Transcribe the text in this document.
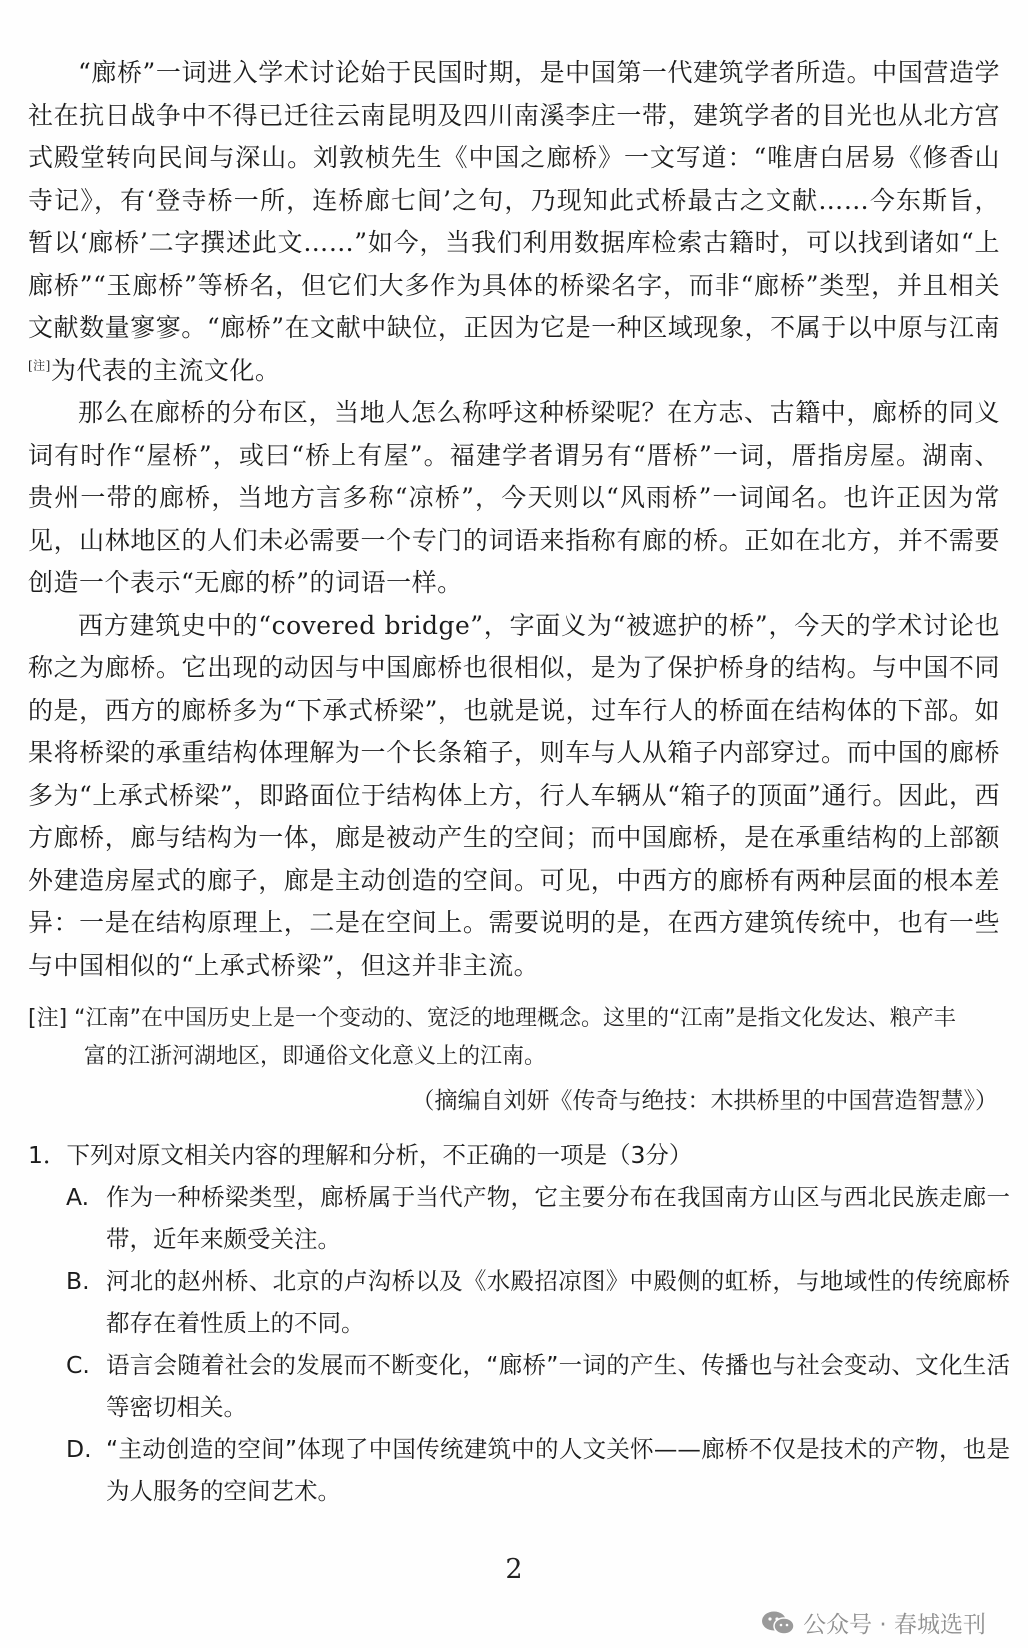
“廊桥”一词进入学术讨论始于民国时期，是中国第一代建筑学者所造。中国营造学社在抗日战争中不得已迁往云南昆明及四川南溪李庄一带，建筑学者的目光也从北方宫式殿堂转向民间与深山。刘敦桢先生《中国之廊桥》一文写道：“唯唐白居易《修香山寺记》，有‘登寺桥一所，连桥廊七间’之句，乃现知此式桥最古之文献……今东斯旨，暂以‘廊桥’二字撰述此文……”如今，当我们利用数据库检索古籍时，可以找到诸如“上廊桥”“玉廊桥”等桥名，但它们大多作为具体的桥梁名字，而非“廊桥”类型，并且相关文献数量寥寥。“廊桥”在文献中缺位，正因为它是一种区域现象，不属于以中原与江南[注]为代表的主流文化。

那么在廊桥的分布区，当地人怎么称呼这种桥梁呢？在方志、古籍中，廊桥的同义词有时作“屋桥”，或曰“桥上有屋”。福建学者谓另有“厝桥”一词，厝指房屋。湖南、贵州一带的廊桥，当地方言多称“凉桥”，今天则以“风雨桥”一词闻名。也许正因为常见，山林地区的人们未必需要一个专门的词语来指称有廊的桥。正如在北方，并不需要创造一个表示“无廊的桥”的词语一样。

西方建筑史中的“covered bridge”，字面义为“被遮护的桥”，今天的学术讨论也称之为廊桥。它出现的动因与中国廊桥也很相似，是为了保护桥身的结构。与中国不同的是，西方的廊桥多为“下承式桥梁”，也就是说，过车行人的桥面在结构体的下部。如果将桥梁的承重结构体理解为一个长条箱子，则车与人从箱子内部穿过。而中国的廊桥多为“上承式桥梁”，即路面位于结构体上方，行人车辆从“箱子的顶面”通行。因此，西方廊桥，廊与结构为一体，廊是被动产生的空间；而中国廊桥，是在承重结构的上部额外建造房屋式的廊子，廊是主动创造的空间。可见，中西方的廊桥有两种层面的根本差异：一是在结构原理上，二是在空间上。需要说明的是，在西方建筑传统中，也有一些与中国相似的“上承式桥梁”，但这并非主流。

[注] “江南”在中国历史上是一个变动的、宽泛的地理概念。这里的“江南”是指文化发达、粮产丰
富的江浙河湖地区，即通俗文化意义上的江南。
（摘编自刘妍《传奇与绝技：木拱桥里的中国营造智慧》）
1．下列对原文相关内容的理解和分析，不正确的一项是（3分）
A. 作为一种桥梁类型，廊桥属于当代产物，它主要分布在我国南方山区与西北民族走廊一带，近年来颇受关注。
B. 河北的赵州桥、北京的卢沟桥以及《水殿招凉图》中殿侧的虹桥，与地域性的传统廊桥都存在着性质上的不同。
C. 语言会随着社会的发展而不断变化，“廊桥”一词的产生、传播也与社会变动、文化生活等密切相关。
D. “主动创造的空间”体现了中国传统建筑中的人文关怀——廊桥不仅是技术的产物，也是为人服务的空间艺术。
2
公众号 · 春城选刊
